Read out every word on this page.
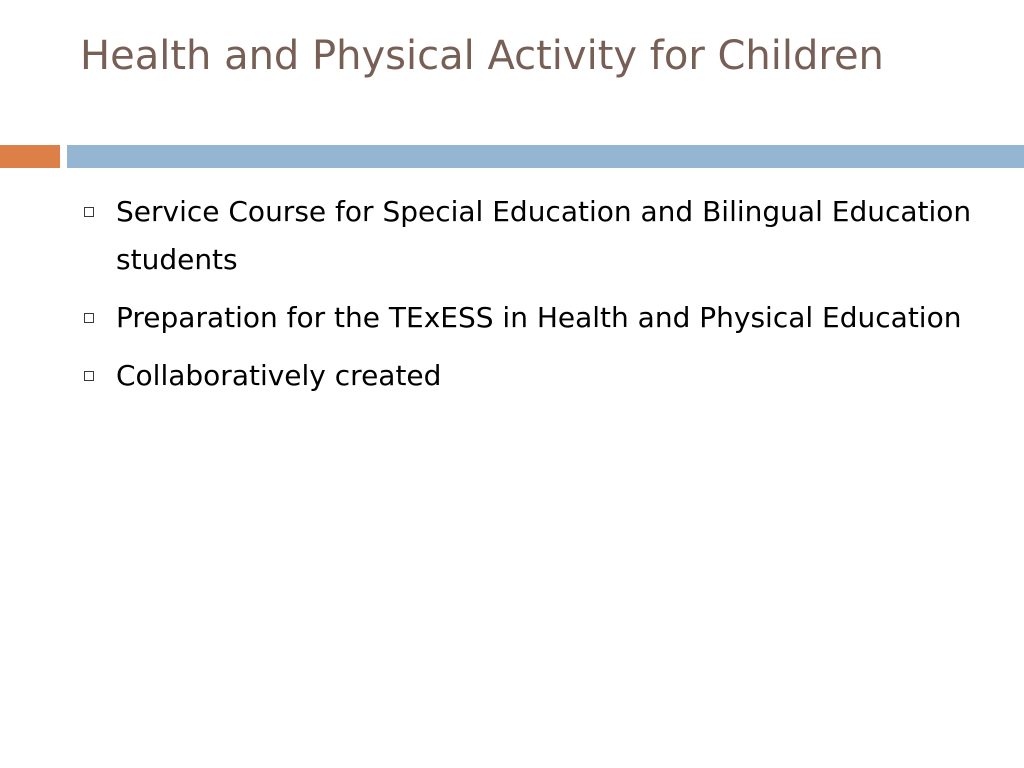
Health and Physical Activity for Children
Service Course for Special Education and Bilingual Education students
Preparation for the TExESS in Health and Physical Education
Collaboratively created
